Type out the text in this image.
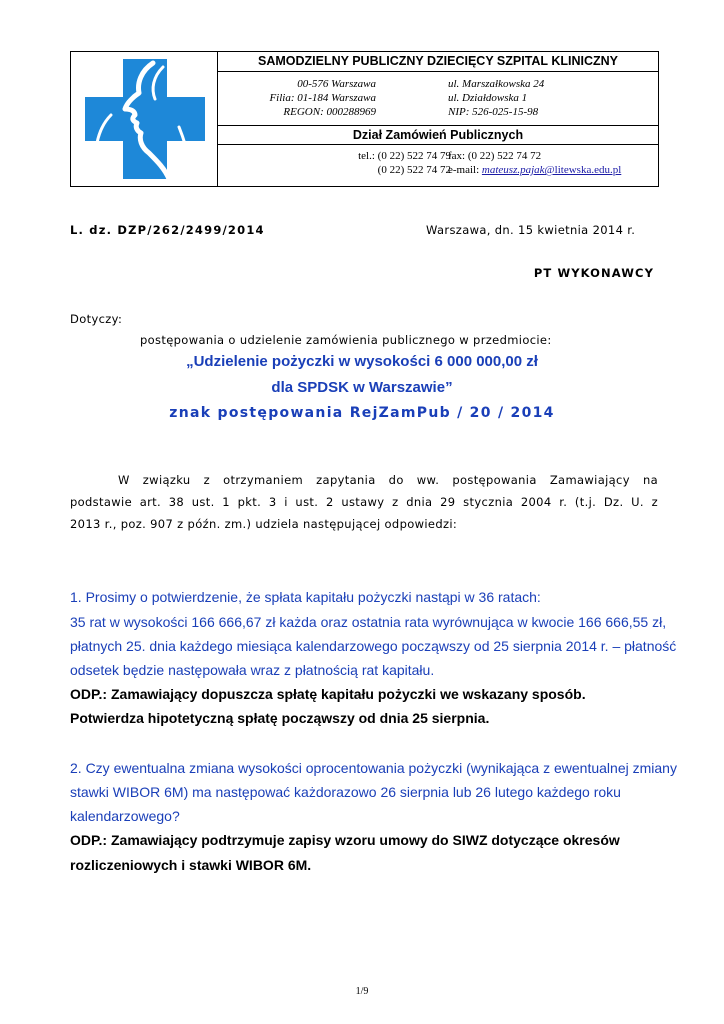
SAMODZIELNY PUBLICZNY DZIECIĘCY SZPITAL KLINICZNY
00-576 Warszawa
Filia: 01-184 Warszawa
REGON: 000288969
ul. Marszałkowska 24
ul. Działdowska 1
NIP: 526-025-15-98
Dział Zamówień Publicznych
tel.: (0 22) 522 74 79
(0 22) 522 74 72
fax: (0 22) 522 74 72
e-mail: mateusz.pajak@litewska.edu.pl
L. dz. DZP/262/2499/2014	Warszawa, dn. 15 kwietnia 2014 r.
PT WYKONAWCY
Dotyczy:
postępowania o udzielenie zamówienia publicznego w przedmiocie:
„Udzielenie pożyczki w wysokości 6 000 000,00 zł
dla SPDSK w Warszawie”
znak postępowania RejZamPub / 20 / 2014
W związku z otrzymaniem zapytania do ww. postępowania Zamawiający na
podstawie art. 38 ust. 1 pkt. 3 i ust. 2 ustawy z dnia 29 stycznia 2004 r. (t.j. Dz. U. z
2013 r., poz. 907 z późn. zm.) udziela następującej odpowiedzi:
1. Prosimy o potwierdzenie, że spłata kapitału pożyczki nastąpi w 36 ratach:
35 rat w wysokości 166 666,67 zł każda oraz ostatnia rata wyrównująca w kwocie 166 666,55 zł,
płatnych 25. dnia każdego miesiąca kalendarzowego począwszy od 25 sierpnia 2014 r. – płatność
odsetek będzie następowała wraz z płatnością rat kapitału.
ODP.: Zamawiający dopuszcza spłatę kapitału pożyczki we wskazany sposób.
Potwierdza hipotetyczną spłatę począwszy od dnia 25 sierpnia.
2. Czy ewentualna zmiana wysokości oprocentowania pożyczki (wynikająca z ewentualnej zmiany
stawki WIBOR 6M) ma następować każdorazowo 26 sierpnia lub 26 lutego każdego roku
kalendarzowego?
ODP.: Zamawiający podtrzymuje zapisy wzoru umowy do SIWZ dotyczące okresów
rozliczeniowych i stawki WIBOR 6M.
1/9
